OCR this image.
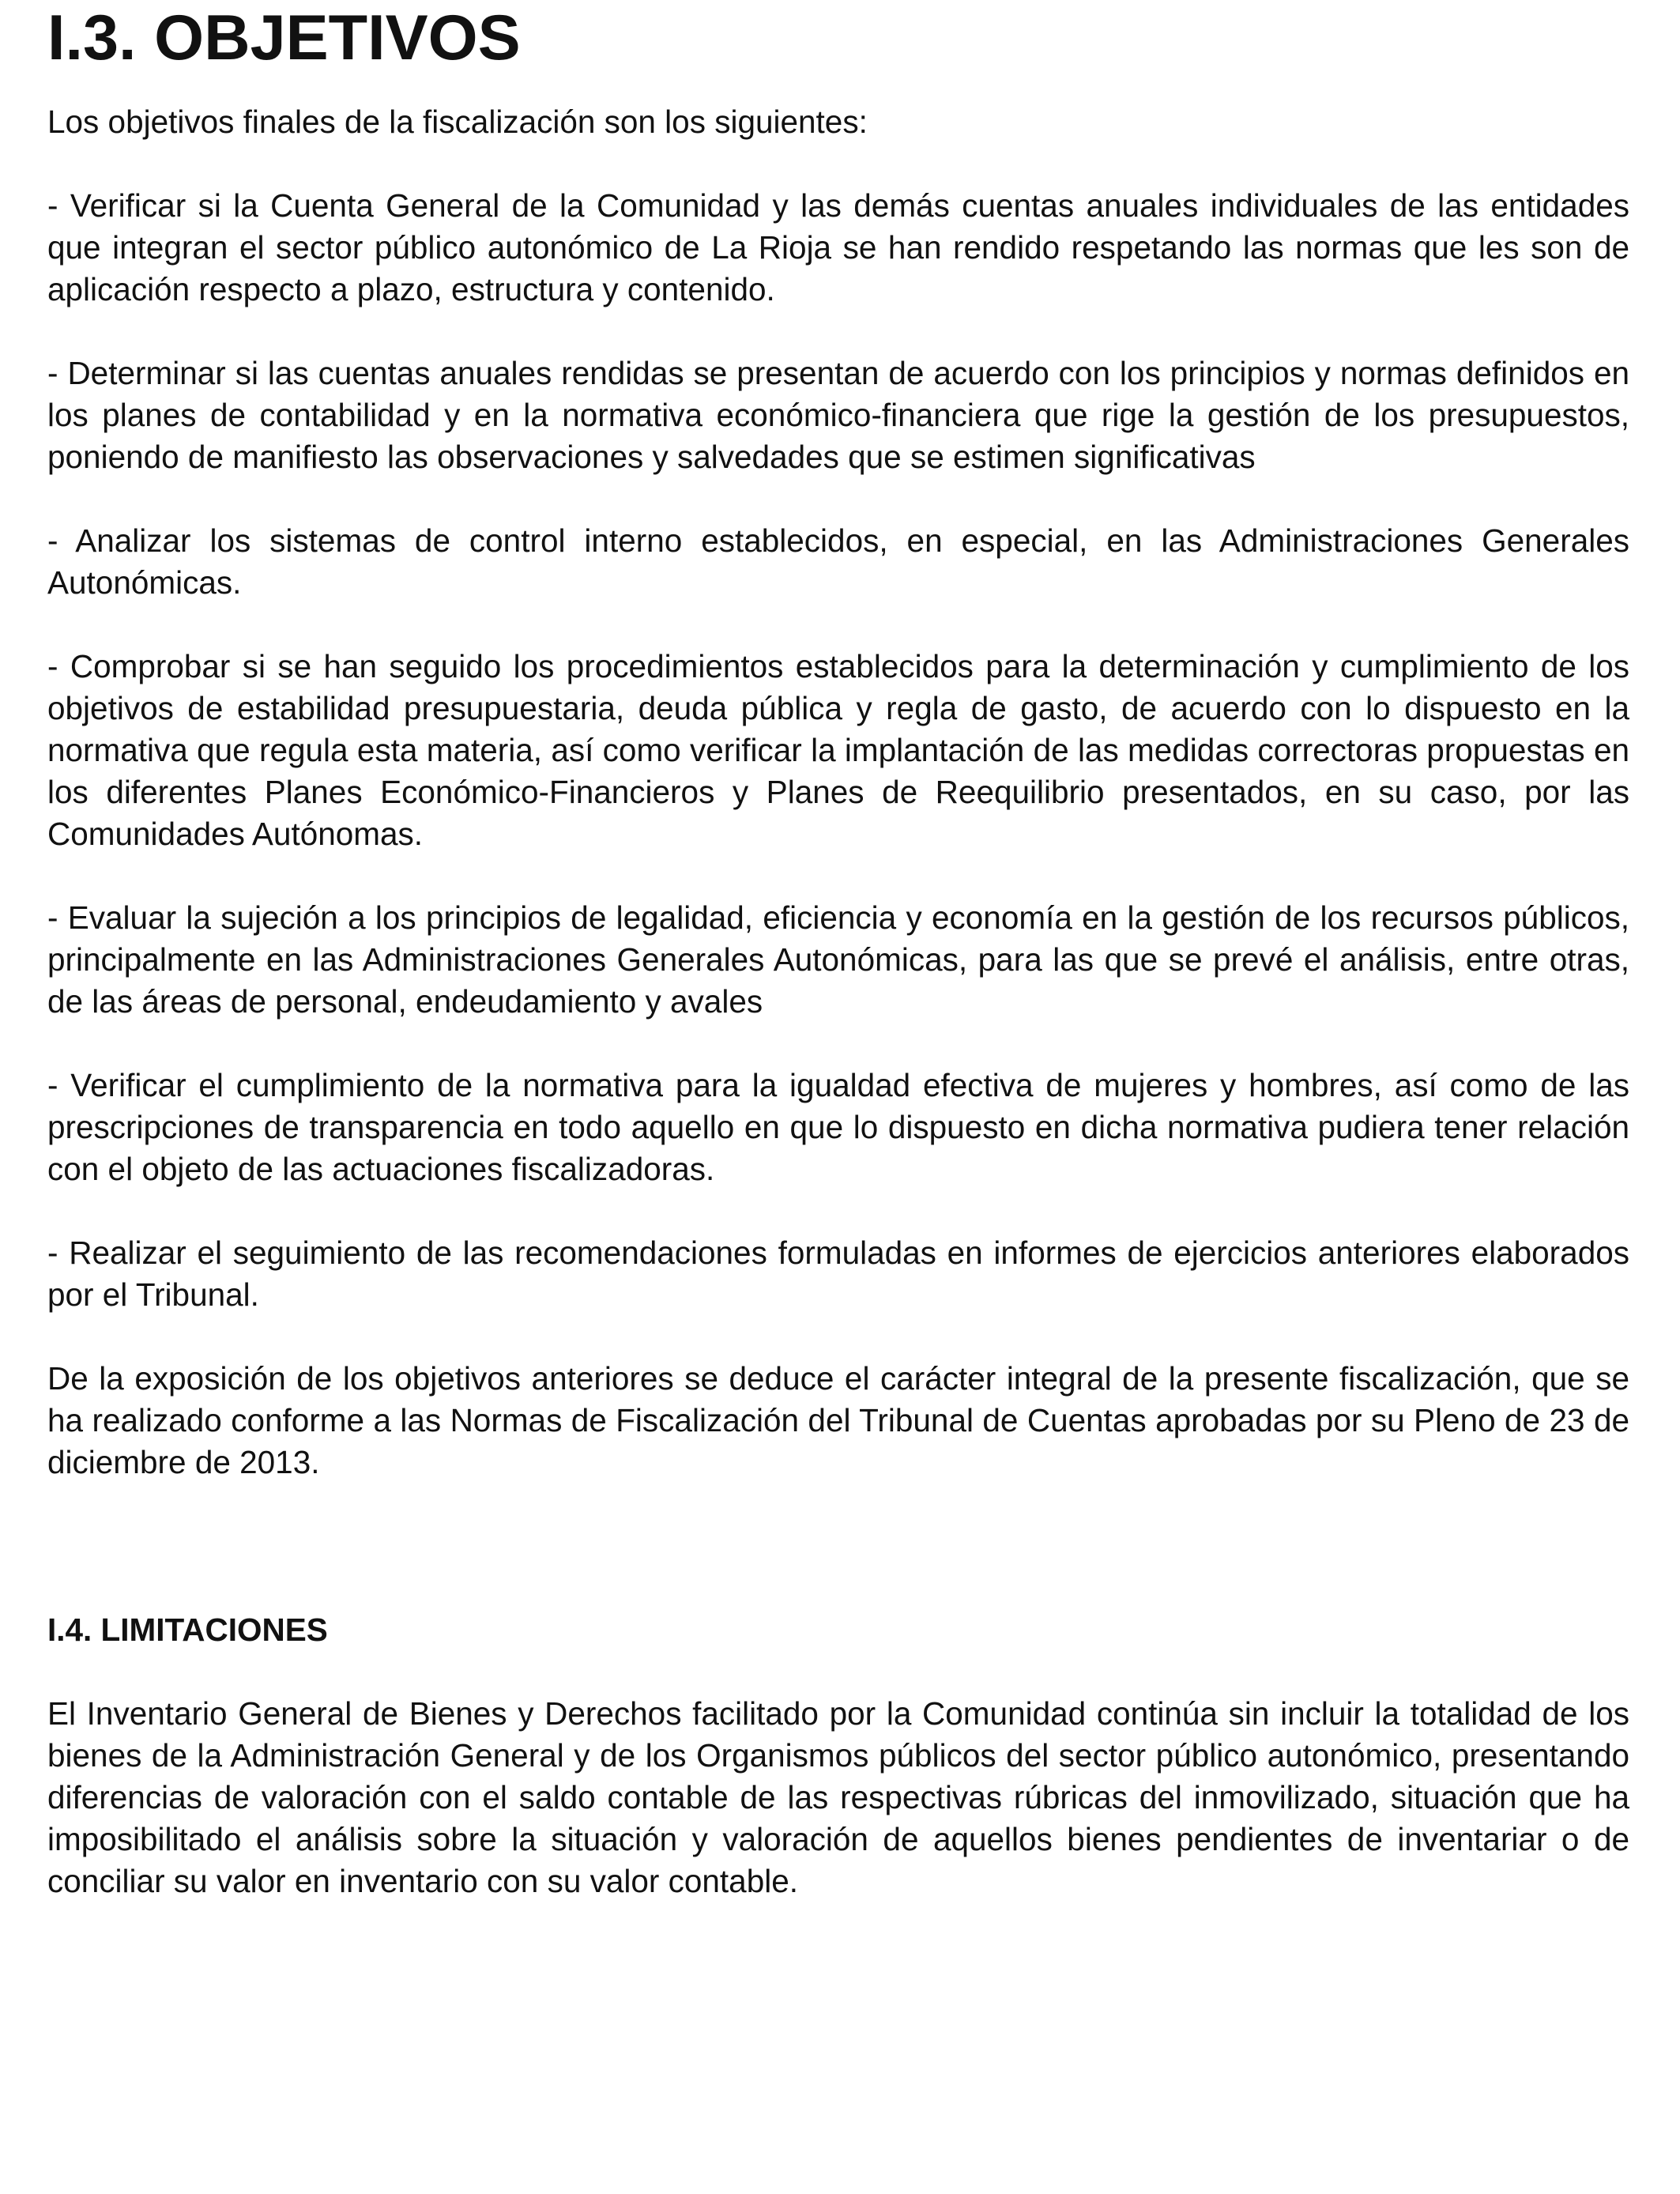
I.3. OBJETIVOS

Los objetivos finales de la fiscalización son los siguientes:

- Verificar si la Cuenta General de la Comunidad y las demás cuentas anuales individuales de las entidades que integran el sector público autonómico de La Rioja se han rendido respetando las normas que les son de aplicación respecto a plazo, estructura y contenido.

- Determinar si las cuentas anuales rendidas se presentan de acuerdo con los principios y normas definidos en los planes de contabilidad y en la normativa económico-financiera que rige la gestión de los presupuestos, poniendo de manifiesto las observaciones y salvedades que se estimen significativas

- Analizar los sistemas de control interno establecidos, en especial, en las Administraciones Generales Autonómicas.

- Comprobar si se han seguido los procedimientos establecidos para la determinación y cumplimiento de los objetivos de estabilidad presupuestaria, deuda pública y regla de gasto, de acuerdo con lo dispuesto en la normativa que regula esta materia, así como verificar la implantación de las medidas correctoras propuestas en los diferentes Planes Económico-Financieros y Planes de Reequilibrio presentados, en su caso, por las Comunidades Autónomas.

- Evaluar la sujeción a los principios de legalidad, eficiencia y economía en la gestión de los recursos públicos, principalmente en las Administraciones Generales Autonómicas, para las que se prevé el análisis, entre otras, de las áreas de personal, endeudamiento y avales

- Verificar el cumplimiento de la normativa para la igualdad efectiva de mujeres y hombres, así como de las prescripciones de transparencia en todo aquello en que lo dispuesto en dicha normativa pudiera tener relación con el objeto de las actuaciones fiscalizadoras.

- Realizar el seguimiento de las recomendaciones formuladas en informes de ejercicios anteriores elaborados por el Tribunal.

De la exposición de los objetivos anteriores se deduce el carácter integral de la presente fiscalización, que se ha realizado conforme a las Normas de Fiscalización del Tribunal de Cuentas aprobadas por su Pleno de 23 de diciembre de 2013.

I.4. LIMITACIONES

El Inventario General de Bienes y Derechos facilitado por la Comunidad continúa sin incluir la totalidad de los bienes de la Administración General y de los Organismos públicos del sector público autonómico, presentando diferencias de valoración con el saldo contable de las respectivas rúbricas del inmovilizado, situación que ha imposibilitado el análisis sobre la situación y valoración de aquellos bienes pendientes de inventariar o de conciliar su valor en inventario con su valor contable.
